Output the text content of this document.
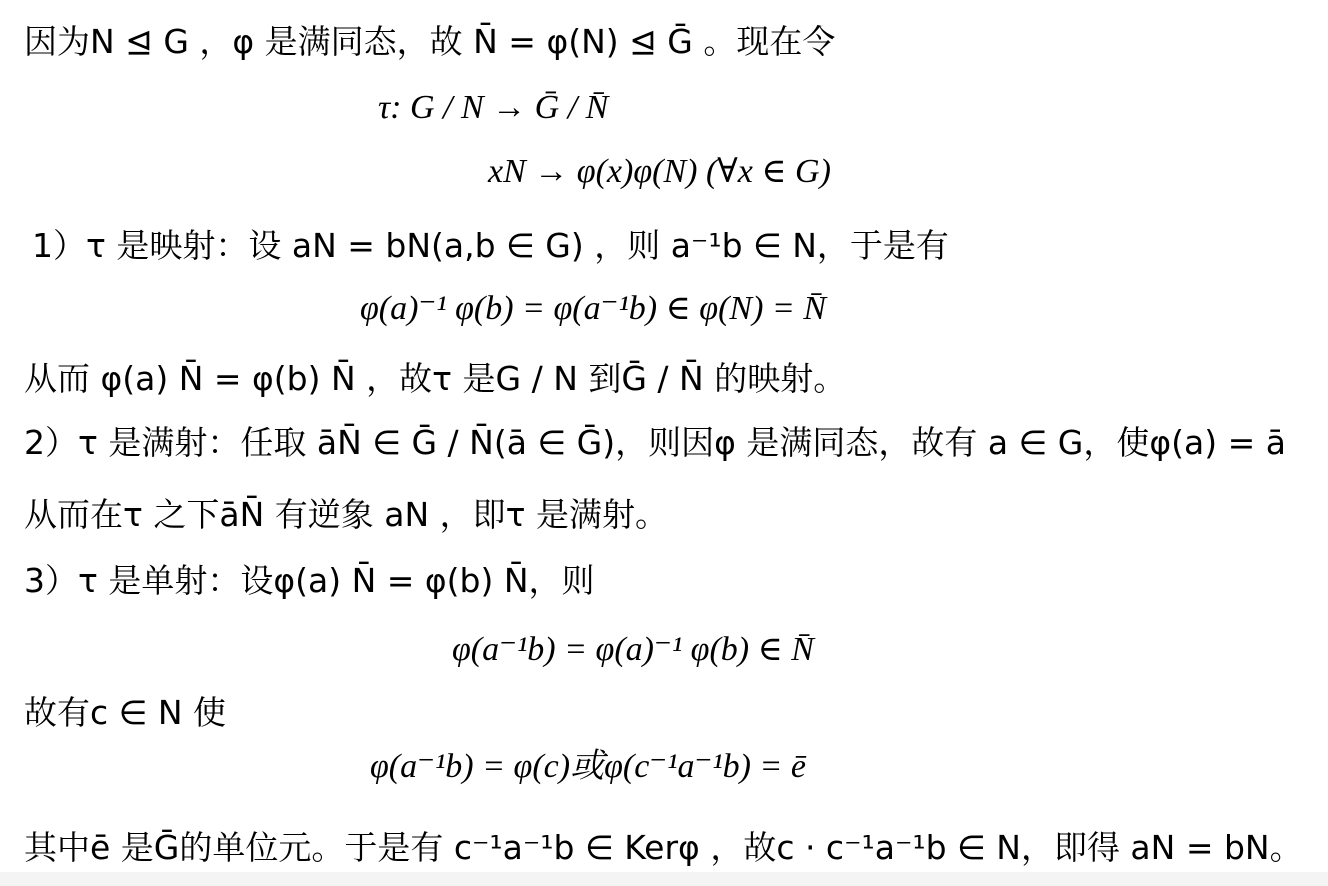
因为N ⊴ G ，φ 是满同态，故 N̄ = φ(N) ⊴ Ḡ 。现在令
τ: G / N → Ḡ / N̄
xN → φ(x)φ(N) (∀x ∈ G)
1）τ 是映射：设 aN = bN(a,b ∈ G) ，则 a⁻¹b ∈ N，于是有
φ(a)⁻¹ φ(b) = φ(a⁻¹b) ∈ φ(N) = N̄
从而 φ(a) N̄ = φ(b) N̄ ，故τ 是G / N 到Ḡ / N̄ 的映射。
2）τ 是满射：任取 āN̄ ∈ Ḡ / N̄(ā ∈ Ḡ)，则因φ 是满同态，故有 a ∈ G，使φ(a) = ā
从而在τ 之下āN̄ 有逆象 aN ，即τ 是满射。
3）τ 是单射：设φ(a) N̄ = φ(b) N̄，则
φ(a⁻¹b) = φ(a)⁻¹ φ(b) ∈ N̄
故有c ∈ N 使
φ(a⁻¹b) = φ(c)或φ(c⁻¹a⁻¹b) = ē
其中ē 是Ḡ的单位元。于是有 c⁻¹a⁻¹b ∈ Kerφ ，故c · c⁻¹a⁻¹b ∈ N，即得 aN = bN。
